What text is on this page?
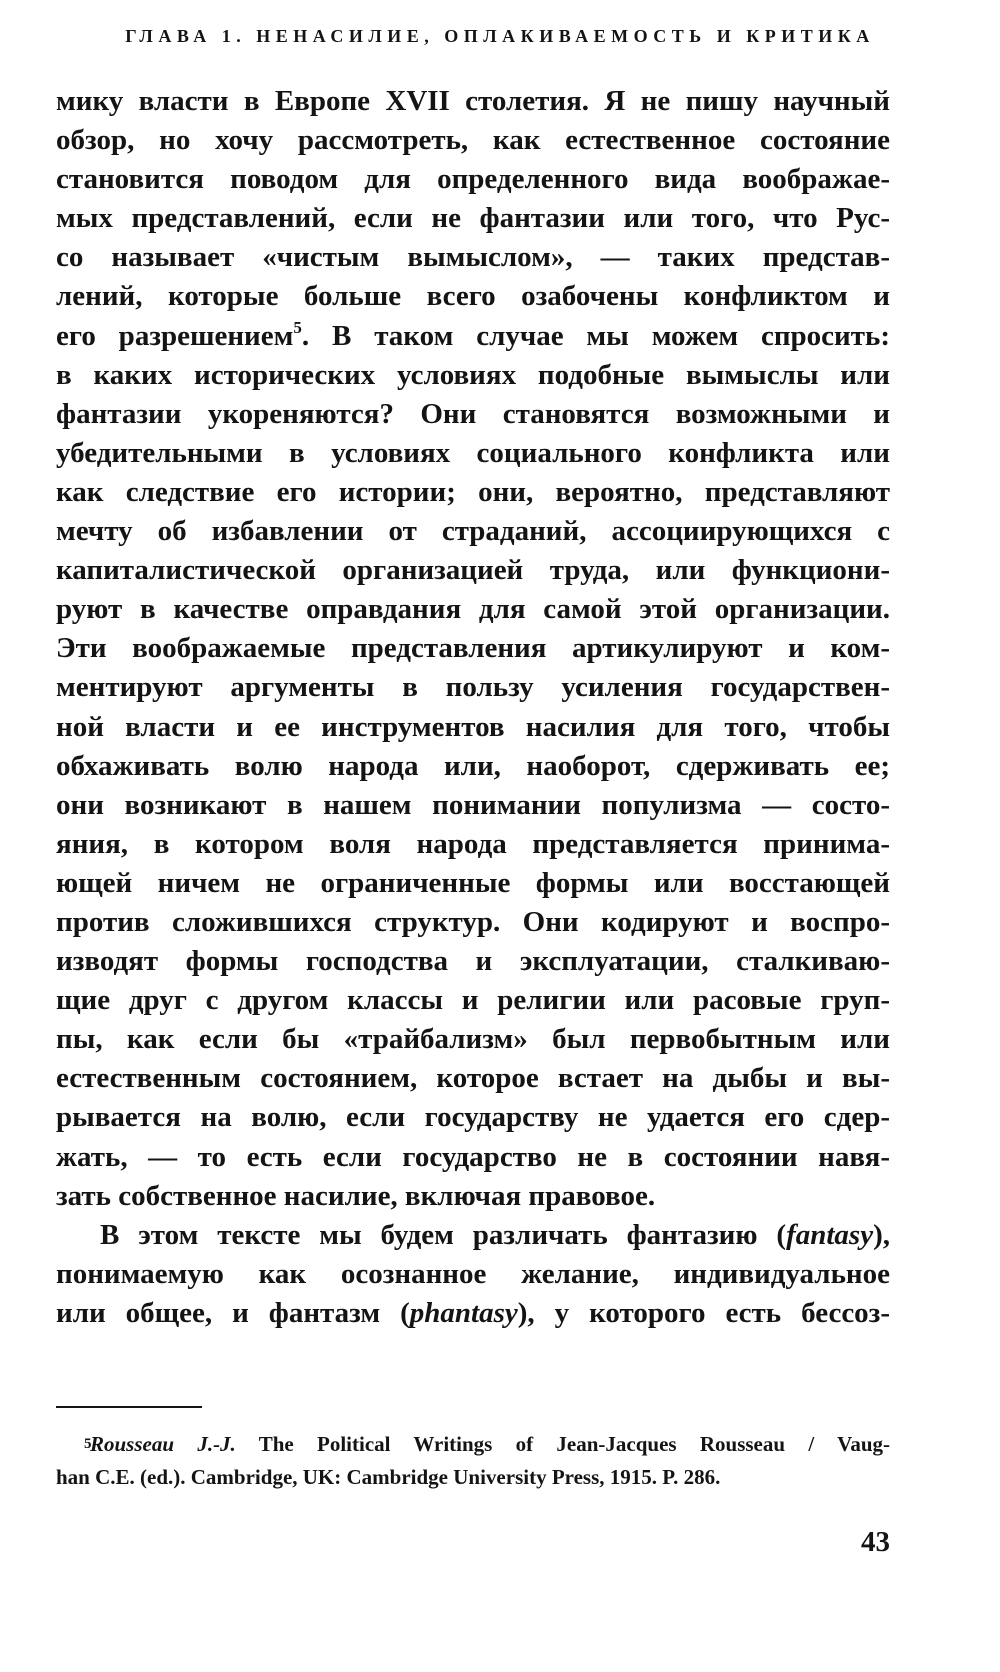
ГЛАВА 1. НЕНАСИЛИЕ, ОПЛАКИВАЕМОСТЬ И КРИТИКА
мику власти в Европе XVII столетия. Я не пишу научный
обзор, но хочу рассмотреть, как естественное состояние
становится поводом для определенного вида воображае-
мых представлений, если не фантазии или того, что Рус-
со называет «чистым вымыслом», — таких представ-
лений, которые больше всего озабочены конфликтом и
его разрешением$^5$. В таком случае мы можем спросить:
в каких исторических условиях подобные вымыслы или
фантазии укореняются? Они становятся возможными и
убедительными в условиях социального конфликта или
как следствие его истории; они, вероятно, представляют
мечту об избавлении от страданий, ассоциирующихся с
капиталистической организацией труда, или функциони-
руют в качестве оправдания для самой этой организации.
Эти воображаемые представления артикулируют и ком-
ментируют аргументы в пользу усиления государствен-
ной власти и ее инструментов насилия для того, чтобы
обхаживать волю народа или, наоборот, сдерживать ее;
они возникают в нашем понимании популизма — состо-
яния, в котором воля народа представляется принима-
ющей ничем не ограниченные формы или восстающей
против сложившихся структур. Они кодируют и воспро-
изводят формы господства и эксплуатации, сталкиваю-
щие друг с другом классы и религии или расовые груп-
пы, как если бы «трайбализм» был первобытным или
естественным состоянием, которое встает на дыбы и вы-
рывается на волю, если государству не удается его сдер-
жать, — то есть если государство не в состоянии навя-
зать собственное насилие, включая правовое.
В этом тексте мы будем различать фантазию (fantasy),
понимаемую как осознанное желание, индивидуальное
или общее, и фантазм (phantasy), у которого есть бессоз-
5
Rousseau J.-J. The Political Writings of Jean-Jacques Rousseau / Vaug-
han C.E. (ed.). Cambridge, UK: Cambridge University Press, 1915. P. 286.
43
